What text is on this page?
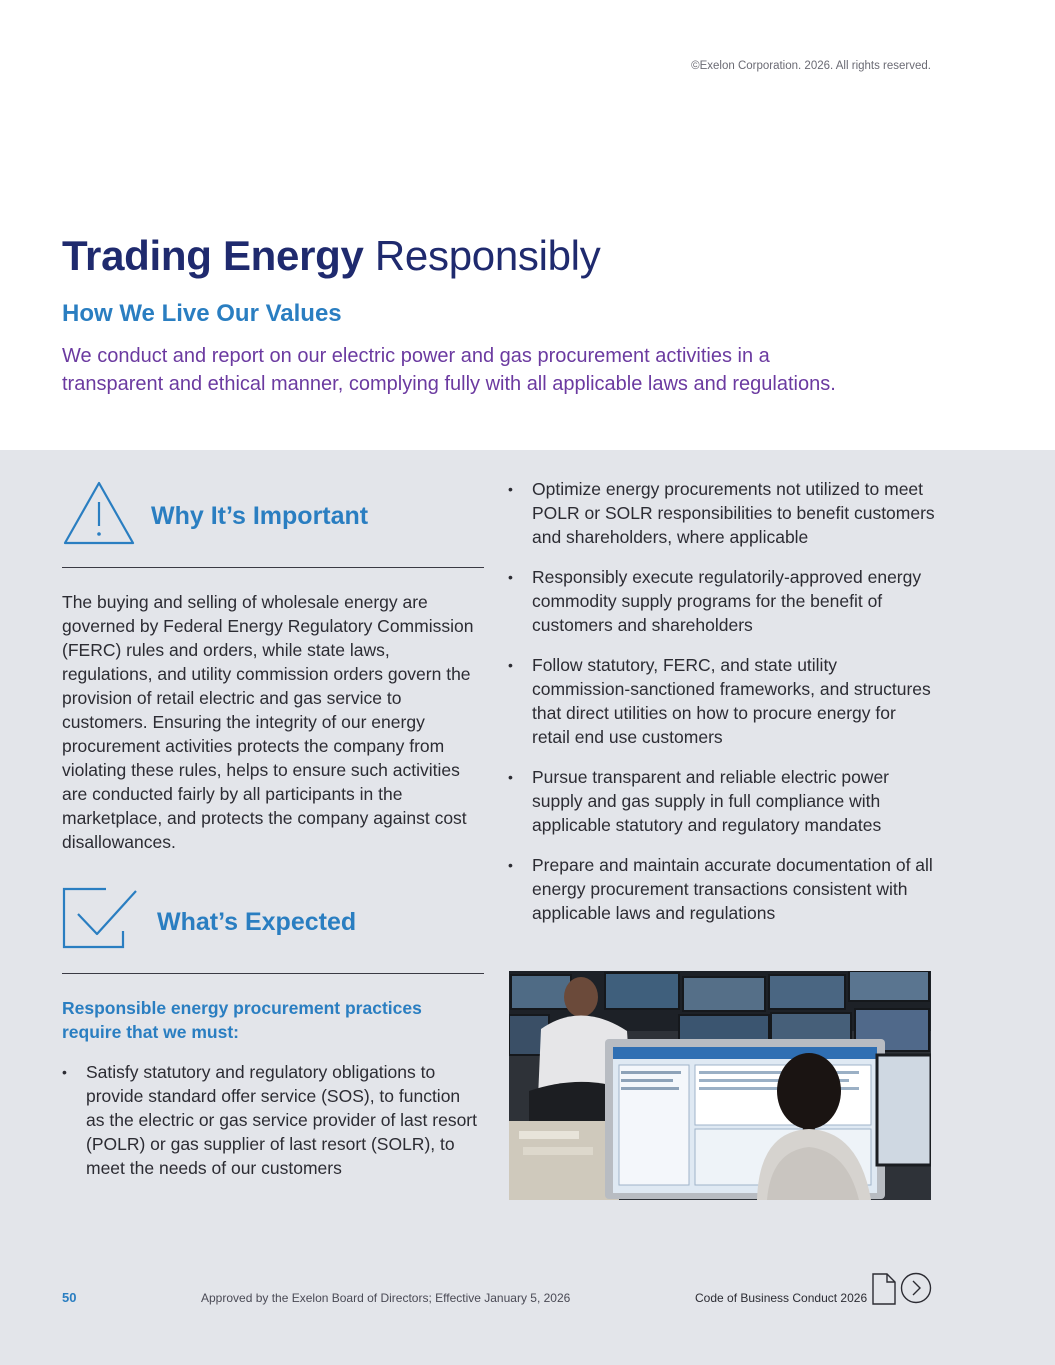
©Exelon Corporation. 2026. All rights reserved.
Trading Energy Responsibly
How We Live Our Values

We conduct and report on our electric power and gas procurement activities in a transparent and ethical manner, complying fully with all applicable laws and regulations.

Why It’s Important

The buying and selling of wholesale energy are governed by Federal Energy Regulatory Commission (FERC) rules and orders, while state laws, regulations, and utility commission orders govern the provision of retail electric and gas service to customers. Ensuring the integrity of our energy procurement activities protects the company from violating these rules, helps to ensure such activities are conducted fairly by all participants in the marketplace, and protects the company against cost disallowances.

What’s Expected

Responsible energy procurement practices require that we must:

• Satisfy statutory and regulatory obligations to provide standard offer service (SOS), to function as the electric or gas service provider of last resort (POLR) or gas supplier of last resort (SOLR), to meet the needs of our customers
• Optimize energy procurements not utilized to meet POLR or SOLR responsibilities to benefit customers and shareholders, where applicable
• Responsibly execute regulatorily-approved energy commodity supply programs for the benefit of customers and shareholders
• Follow statutory, FERC, and state utility commission-sanctioned frameworks, and structures that direct utilities on how to procure energy for retail end use customers
• Pursue transparent and reliable electric power supply and gas supply in full compliance with applicable statutory and regulatory mandates
• Prepare and maintain accurate documentation of all energy procurement transactions consistent with applicable laws and regulations
50	Approved by the Exelon Board of Directors; Effective January 5, 2026	Code of Business Conduct 2026
